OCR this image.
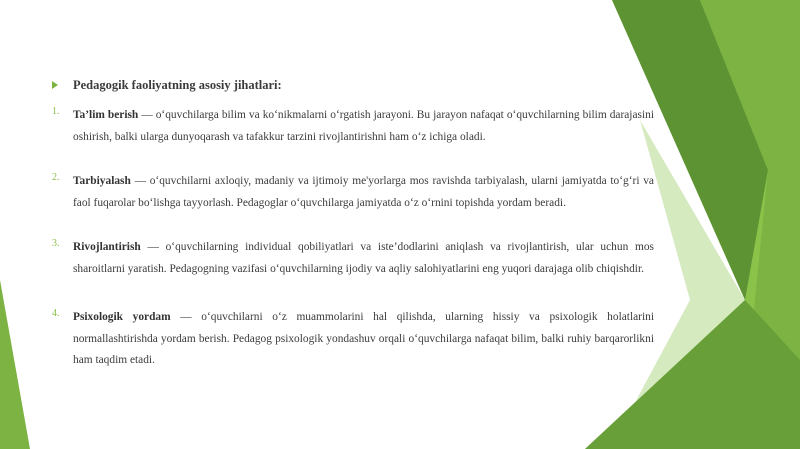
Pedagogik faoliyatning asosiy jihatlari:
1. Ta’lim berish — o‘quvchilarga bilim va ko‘nikmalarni o‘rgatish jarayoni. Bu jarayon nafaqat o‘quvchilarning bilim darajasini oshirish, balki ularga dunyoqarash va tafakkur tarzini rivojlantirishni ham o‘z ichiga oladi.

2. Tarbiyalash — o‘quvchilarni axloqiy, madaniy va ijtimoiy me'yorlarga mos ravishda tarbiyalash, ularni jamiyatda to‘g‘ri va faol fuqarolar bo‘lishga tayyorlash. Pedagoglar o‘quvchilarga jamiyatda o‘z o‘rnini topishda yordam beradi.

3. Rivojlantirish — o‘quvchilarning individual qobiliyatlari va iste’dodlarini aniqlash va rivojlantirish, ular uchun mos sharoitlarni yaratish. Pedagogning vazifasi o‘quvchilarning ijodiy va aqliy salohiyatlarini eng yuqori darajaga olib chiqishdir.

4. Psixologik yordam — o‘quvchilarni o‘z muammolarini hal qilishda, ularning hissiy va psixologik holatlarini normallashtirishda yordam berish. Pedagog psixologik yondashuv orqali o‘quvchilarga nafaqat bilim, balki ruhiy barqarorlikni ham taqdim etadi.
